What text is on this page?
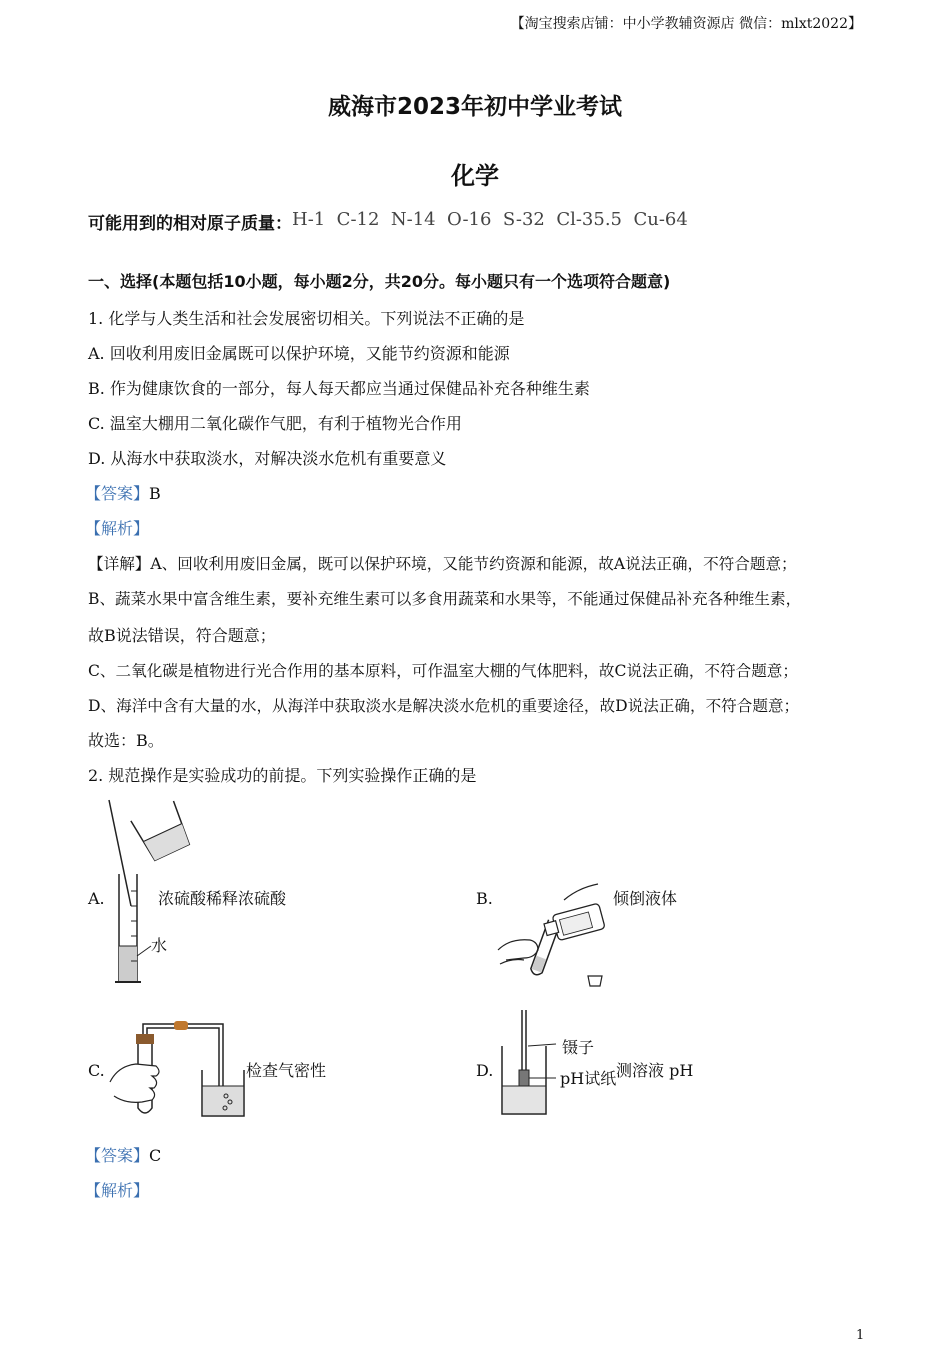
【淘宝搜索店铺：中小学教辅资源店 微信：mlxt2022】
威海市2023年初中学业考试
化学
可能用到的相对原子质量：H-1  C-12  N-14  O-16  S-32  Cl-35.5  Cu-64
一、选择(本题包括10小题，每小题2分，共20分。每小题只有一个选项符合题意)
1. 化学与人类生活和社会发展密切相关。下列说法不正确的是
A. 回收利用废旧金属既可以保护环境，又能节约资源和能源
B. 作为健康饮食的一部分，每人每天都应当通过保健品补充各种维生素
C. 温室大棚用二氧化碳作气肥，有利于植物光合作用
D. 从海水中获取淡水，对解决淡水危机有重要意义
【答案】B
【解析】
【详解】A、回收利用废旧金属，既可以保护环境，又能节约资源和能源，故A说法正确，不符合题意；
B、蔬菜水果中富含维生素，要补充维生素可以多食用蔬菜和水果等，不能通过保健品补充各种维生素，
故B说法错误，符合题意；
C、二氧化碳是植物进行光合作用的基本原料，可作温室大棚的气体肥料，故C说法正确，不符合题意；
D、海洋中含有大量的水，从海洋中获取淡水是解决淡水危机的重要途径，故D说法正确，不符合题意；
故选：B。
2. 规范操作是实验成功的前提。下列实验操作正确的是
A.	浓硫酸稀释浓硫酸
水
B.	倾倒液体
C.	检查气密性	D.
镊子
pH试纸 测溶液 pH
【答案】C
【解析】
1
